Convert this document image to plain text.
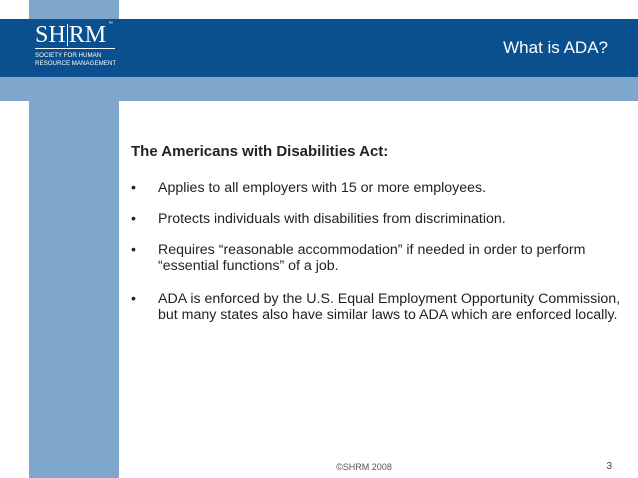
SH RM ™
SOCIETY FOR HUMAN
RESOURCE MANAGEMENT
What is ADA?
The Americans with Disabilities Act:
•	Applies to all employers with 15 or more employees.
•	Protects individuals with disabilities from discrimination.
•	Requires “reasonable accommodation” if needed in order to perform “essential functions” of a job.
•	ADA is enforced by the U.S. Equal Employment Opportunity Commission, but many states also have similar laws to ADA which are enforced locally.
©SHRM 2008	3
